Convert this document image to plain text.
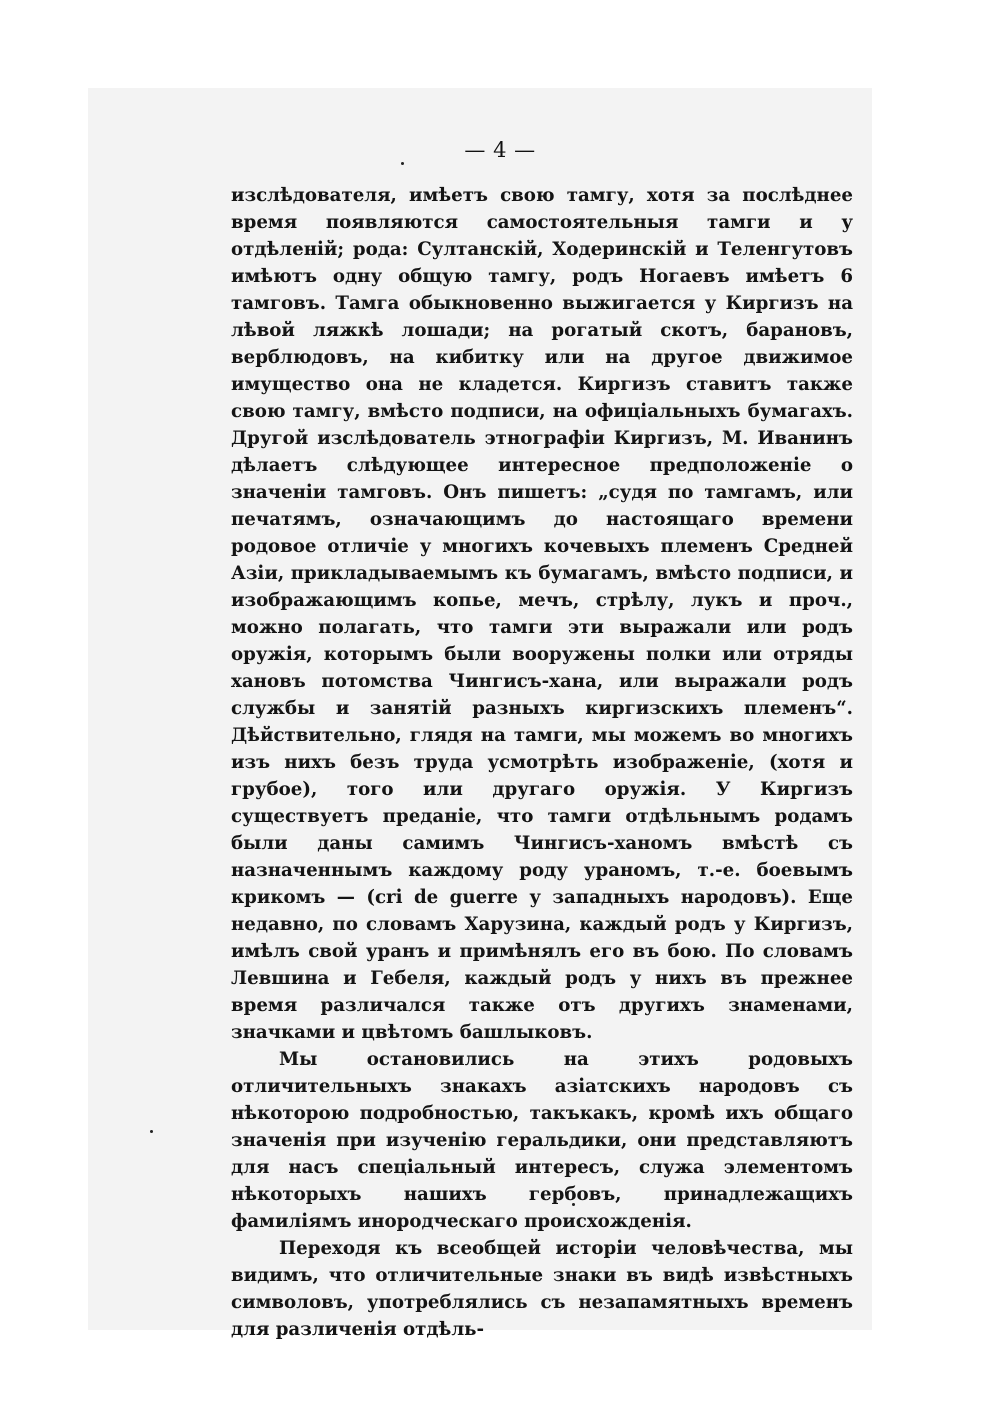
— 4 —

изслѣдователя, имѣетъ свою тамгу, хотя за послѣднее время появляются самостоятельныя тамги и у отдѣленій; рода: Султанскій, Ходеринскій и Теленгутовъ имѣютъ одну общую тамгу, родъ Ногаевъ имѣетъ 6 тамговъ. Тамга обыкновенно выжигается у Киргизъ на лѣвой ляжкѣ лошади; на рогатый скотъ, барановъ, верблюдовъ, на кибитку или на другое движимое имущество она не кладется. Киргизъ ставитъ также свою тамгу, вмѣсто подписи, на офиціальныхъ бумагахъ. Другой изслѣдователь этнографіи Киргизъ, М. Иванинъ дѣлаетъ слѣдующее интересное предположеніе о значеніи тамговъ. Онъ пишетъ: „судя по тамгамъ, или печатямъ, означающимъ до настоящаго времени родовое отличіе у многихъ кочевыхъ племенъ Средней Азіи, прикладываемымъ къ бумагамъ, вмѣсто подписи, и изображающимъ копье, мечъ, стрѣлу, лукъ и проч., можно полагать, что тамги эти выражали или родъ оружія, которымъ были вооружены полки или отряды хановъ потомства Чингисъ-хана, или выражали родъ службы и занятій разныхъ киргизскихъ племенъ“. Дѣйствительно, глядя на тамги, мы можемъ во многихъ изъ нихъ безъ труда усмотрѣть изображеніе, (хотя и грубое), того или другаго оружія. У Киргизъ существуетъ преданіе, что тамги отдѣльнымъ родамъ были даны самимъ Чингисъ-ханомъ вмѣстѣ съ назначеннымъ каждому роду ураномъ, т.-е. боевымъ крикомъ — (cri de guerre у западныхъ народовъ). Еще недавно, по словамъ Харузина, каждый родъ у Киргизъ, имѣлъ свой уранъ и примѣнялъ его въ бою. По словамъ Левшина и Гебеля, каждый родъ у нихъ въ прежнее время различался также отъ другихъ знаменами, значками и цвѣтомъ башлыковъ.

Мы остановились на этихъ родовыхъ отличительныхъ знакахъ азіатскихъ народовъ съ нѣкоторою подробностью, такъкакъ, кромѣ ихъ общаго значенія при изученію геральдики, они представляютъ для насъ спеціальный интересъ, служа элементомъ нѣкоторыхъ нашихъ гербовъ, принадлежащихъ фамиліямъ инородческаго происхожденія.

Переходя къ всеобщей исторіи человѣчества, мы видимъ, что отличительные знаки въ видѣ извѣстныхъ символовъ, употреблялись съ незапамятныхъ временъ для различенія отдѣль-
